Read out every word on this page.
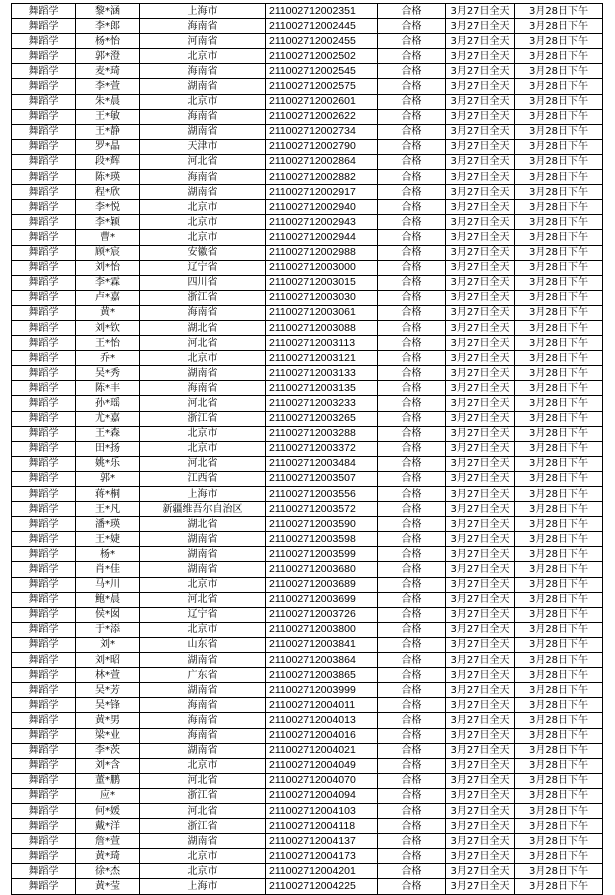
舞蹈学	黎*涵	上海市	211002712002351	合格	3月27日全天	3月28日下午
舞蹈学	李*郎	海南省	211002712002445	合格	3月27日全天	3月28日下午
舞蹈学	杨*怡	河南省	211002712002455	合格	3月27日全天	3月28日下午
舞蹈学	郭*澄	北京市	211002712002502	合格	3月27日全天	3月28日下午
舞蹈学	麦*琦	海南省	211002712002545	合格	3月27日全天	3月28日下午
舞蹈学	李*萱	湖南省	211002712002575	合格	3月27日全天	3月28日下午
舞蹈学	朱*晨	北京市	211002712002601	合格	3月27日全天	3月28日下午
舞蹈学	王*敏	海南省	211002712002622	合格	3月27日全天	3月28日下午
舞蹈学	王*静	湖南省	211002712002734	合格	3月27日全天	3月28日下午
舞蹈学	罗*晶	天津市	211002712002790	合格	3月27日全天	3月28日下午
舞蹈学	段*辉	河北省	211002712002864	合格	3月27日全天	3月28日下午
舞蹈学	陈*瑛	海南省	211002712002882	合格	3月27日全天	3月28日下午
舞蹈学	程*欣	湖南省	211002712002917	合格	3月27日全天	3月28日下午
舞蹈学	李*悦	北京市	211002712002940	合格	3月27日全天	3月28日下午
舞蹈学	李*颖	北京市	211002712002943	合格	3月27日全天	3月28日下午
舞蹈学	曹*	北京市	211002712002944	合格	3月27日全天	3月28日下午
舞蹈学	顾*宸	安徽省	211002712002988	合格	3月27日全天	3月28日下午
舞蹈学	刘*怡	辽宁省	211002712003000	合格	3月27日全天	3月28日下午
舞蹈学	李*霖	四川省	211002712003015	合格	3月27日全天	3月28日下午
舞蹈学	卢*嘉	浙江省	211002712003030	合格	3月27日全天	3月28日下午
舞蹈学	黄*	海南省	211002712003061	合格	3月27日全天	3月28日下午
舞蹈学	刘*钦	湖北省	211002712003088	合格	3月27日全天	3月28日下午
舞蹈学	王*怡	河北省	211002712003113	合格	3月27日全天	3月28日下午
舞蹈学	乔*	北京市	211002712003121	合格	3月27日全天	3月28日下午
舞蹈学	吴*秀	湖南省	211002712003133	合格	3月27日全天	3月28日下午
舞蹈学	陈*丰	海南省	211002712003135	合格	3月27日全天	3月28日下午
舞蹈学	孙*瑶	河北省	211002712003233	合格	3月27日全天	3月28日下午
舞蹈学	尤*嘉	浙江省	211002712003265	合格	3月27日全天	3月28日下午
舞蹈学	王*森	北京市	211002712003288	合格	3月27日全天	3月28日下午
舞蹈学	田*扬	北京市	211002712003372	合格	3月27日全天	3月28日下午
舞蹈学	姚*乐	河北省	211002712003484	合格	3月27日全天	3月28日下午
舞蹈学	郭*	江西省	211002712003507	合格	3月27日全天	3月28日下午
舞蹈学	蒋*桐	上海市	211002712003556	合格	3月27日全天	3月28日下午
舞蹈学	王*凡	新疆维吾尔自治区	211002712003572	合格	3月27日全天	3月28日下午
舞蹈学	潘*瑛	湖北省	211002712003590	合格	3月27日全天	3月28日下午
舞蹈学	王*婕	湖南省	211002712003598	合格	3月27日全天	3月28日下午
舞蹈学	杨*	湖南省	211002712003599	合格	3月27日全天	3月28日下午
舞蹈学	肖*佳	湖南省	211002712003680	合格	3月27日全天	3月28日下午
舞蹈学	马*川	北京市	211002712003689	合格	3月27日全天	3月28日下午
舞蹈学	鲍*晨	河北省	211002712003699	合格	3月27日全天	3月28日下午
舞蹈学	侯*囡	辽宁省	211002712003726	合格	3月27日全天	3月28日下午
舞蹈学	于*添	北京市	211002712003800	合格	3月27日全天	3月28日下午
舞蹈学	刘*	山东省	211002712003841	合格	3月27日全天	3月28日下午
舞蹈学	刘*昭	湖南省	211002712003864	合格	3月27日全天	3月28日下午
舞蹈学	林*萱	广东省	211002712003865	合格	3月27日全天	3月28日下午
舞蹈学	吴*芳	湖南省	211002712003999	合格	3月27日全天	3月28日下午
舞蹈学	吴*锋	海南省	211002712004011	合格	3月27日全天	3月28日下午
舞蹈学	黄*男	海南省	211002712004013	合格	3月27日全天	3月28日下午
舞蹈学	梁*业	海南省	211002712004016	合格	3月27日全天	3月28日下午
舞蹈学	李*茨	湖南省	211002712004021	合格	3月27日全天	3月28日下午
舞蹈学	刘*含	北京市	211002712004049	合格	3月27日全天	3月28日下午
舞蹈学	董*鹏	河北省	211002712004070	合格	3月27日全天	3月28日下午
舞蹈学	应*	浙江省	211002712004094	合格	3月27日全天	3月28日下午
舞蹈学	何*媛	河北省	211002712004103	合格	3月27日全天	3月28日下午
舞蹈学	戴*洋	浙江省	211002712004118	合格	3月27日全天	3月28日下午
舞蹈学	詹*萱	湖南省	211002712004137	合格	3月27日全天	3月28日下午
舞蹈学	黄*琦	北京市	211002712004173	合格	3月27日全天	3月28日下午
舞蹈学	徐*杰	北京市	211002712004201	合格	3月27日全天	3月28日下午
舞蹈学	黄*莹	上海市	211002712004225	合格	3月27日全天	3月28日下午
